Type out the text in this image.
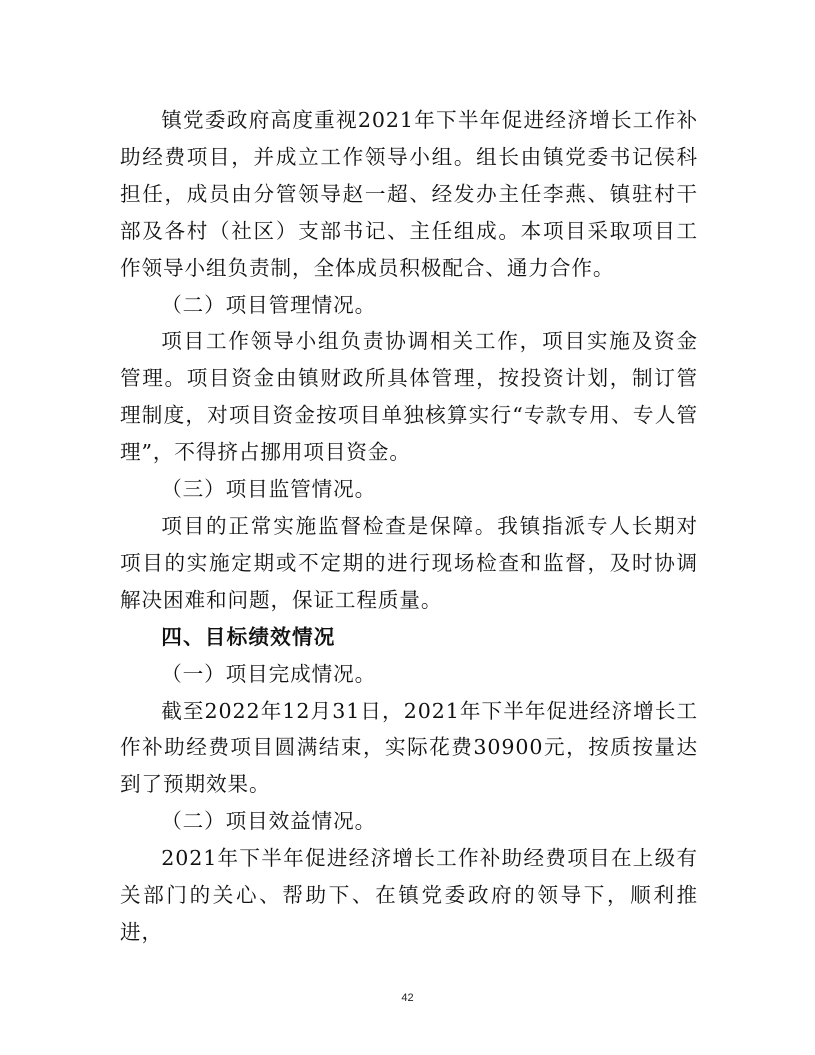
镇党委政府高度重视2021年下半年促进经济增长工作补助经费项目，并成立工作领导小组。组长由镇党委书记侯科担任，成员由分管领导赵一超、经发办主任李燕、镇驻村干部及各村（社区）支部书记、主任组成。本项目采取项目工作领导小组负责制，全体成员积极配合、通力合作。

（二）项目管理情况。

项目工作领导小组负责协调相关工作，项目实施及资金管理。项目资金由镇财政所具体管理，按投资计划，制订管理制度，对项目资金按项目单独核算实行“专款专用、专人管理”，不得挤占挪用项目资金。

（三）项目监管情况。

项目的正常实施监督检查是保障。我镇指派专人长期对项目的实施定期或不定期的进行现场检查和监督，及时协调解决困难和问题，保证工程质量。

四、目标绩效情况

（一）项目完成情况。

截至2022年12月31日，2021年下半年促进经济增长工作补助经费项目圆满结束，实际花费30900元，按质按量达到了预期效果。

（二）项目效益情况。

2021年下半年促进经济增长工作补助经费项目在上级有关部门的关心、帮助下、在镇党委政府的领导下，顺利推进，

42
